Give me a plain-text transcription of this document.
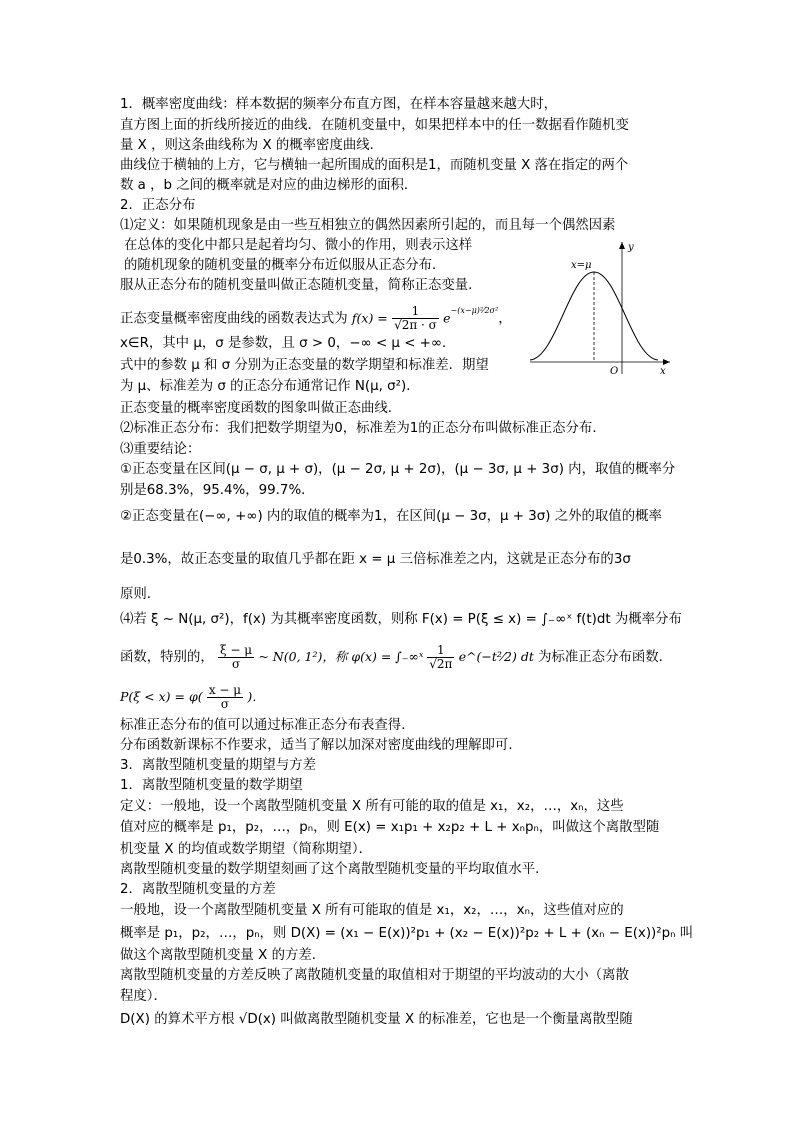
1．概率密度曲线：样本数据的频率分布直方图，在样本容量越来越大时，
直方图上面的折线所接近的曲线．在随机变量中，如果把样本中的任一数据看作随机变
量 X ，则这条曲线称为 X 的概率密度曲线．
曲线位于横轴的上方，它与横轴一起所围成的面积是1，而随机变量 X 落在指定的两个
数 a ，b 之间的概率就是对应的曲边梯形的面积．
2．正态分布
⑴定义：如果随机现象是由一些互相独立的偶然因素所引起的，而且每一个偶然因素
在总体的变化中都只是起着均匀、微小的作用，则表示这样
的随机现象的随机变量的概率分布近似服从正态分布．
服从正态分布的随机变量叫做正态随机变量，简称正态变量．
正态变量概率密度曲线的函数表达式为 $f(x) = \frac{1}{√2\pi \cdot \sigma} e^{-(x-\mu)^2⁄2\sigma^2}$，
x∈R，其中 μ，σ 是参数，且 σ > 0，−∞ < μ < +∞．
式中的参数 μ 和 σ 分别为正态变量的数学期望和标准差．期望
为 μ、标准差为 σ 的正态分布通常记作 N(μ, σ²)．
正态变量的概率密度函数的图象叫做正态曲线．
⑵标准正态分布：我们把数学期望为0，标准差为1的正态分布叫做标准正态分布．
⑶重要结论：
①正态变量在区间(μ − σ, μ + σ)，(μ − 2σ, μ + 2σ)，(μ − 3σ, μ + 3σ) 内，取值的概率分
别是68.3%，95.4%，99.7%．
②正态变量在(−∞, +∞) 内的取值的概率为1，在区间(μ − 3σ，μ + 3σ) 之外的取值的概率
是0.3%，故正态变量的取值几乎都在距 x = μ 三倍标准差之内，这就是正态分布的3σ
原则．
⑷若 ξ ~ N(μ, σ²)，f(x) 为其概率密度函数，则称 F(x) = P(ξ ≤ x) = ∫₋∞ˣ f(t)dt 为概率分布
函数，特别的， $\frac{\xi - \mu}{\sigma}$ ~ N(0, 1²)，称 φ(x) = ∫₋∞ˣ $\frac{1}{√2\pi}$ e^(−t²⁄2) dt 为标准正态分布函数．
$P(\xi < x) = \varphi( \frac{x - \mu}{\sigma}$ )．
标准正态分布的值可以通过标准正态分布表查得．
分布函数新课标不作要求，适当了解以加深对密度曲线的理解即可．
3．离散型随机变量的期望与方差
1．离散型随机变量的数学期望
定义：一般地，设一个离散型随机变量 X 所有可能的取的值是 x₁，x₂，…，xₙ，这些
值对应的概率是 p₁，p₂，…，pₙ，则 E(x) = x₁p₁ + x₂p₂ + L + xₙpₙ，叫做这个离散型随
机变量 X 的均值或数学期望（简称期望）．
离散型随机变量的数学期望刻画了这个离散型随机变量的平均取值水平．
2．离散型随机变量的方差
一般地，设一个离散型随机变量 X 所有可能取的值是 x₁，x₂，…，xₙ，这些值对应的
概率是 p₁，p₂，…，pₙ，则 D(X) = (x₁ − E(x))²p₁ + (x₂ − E(x))²p₂ + L + (xₙ − E(x))²pₙ 叫
做这个离散型随机变量 X 的方差．
离散型随机变量的方差反映了离散随机变量的取值相对于期望的平均波动的大小（离散
程度）．
D(X) 的算术平方根 √D(x) 叫做离散型随机变量 X 的标准差，它也是一个衡量离散型随
x=μ
y
x
O
